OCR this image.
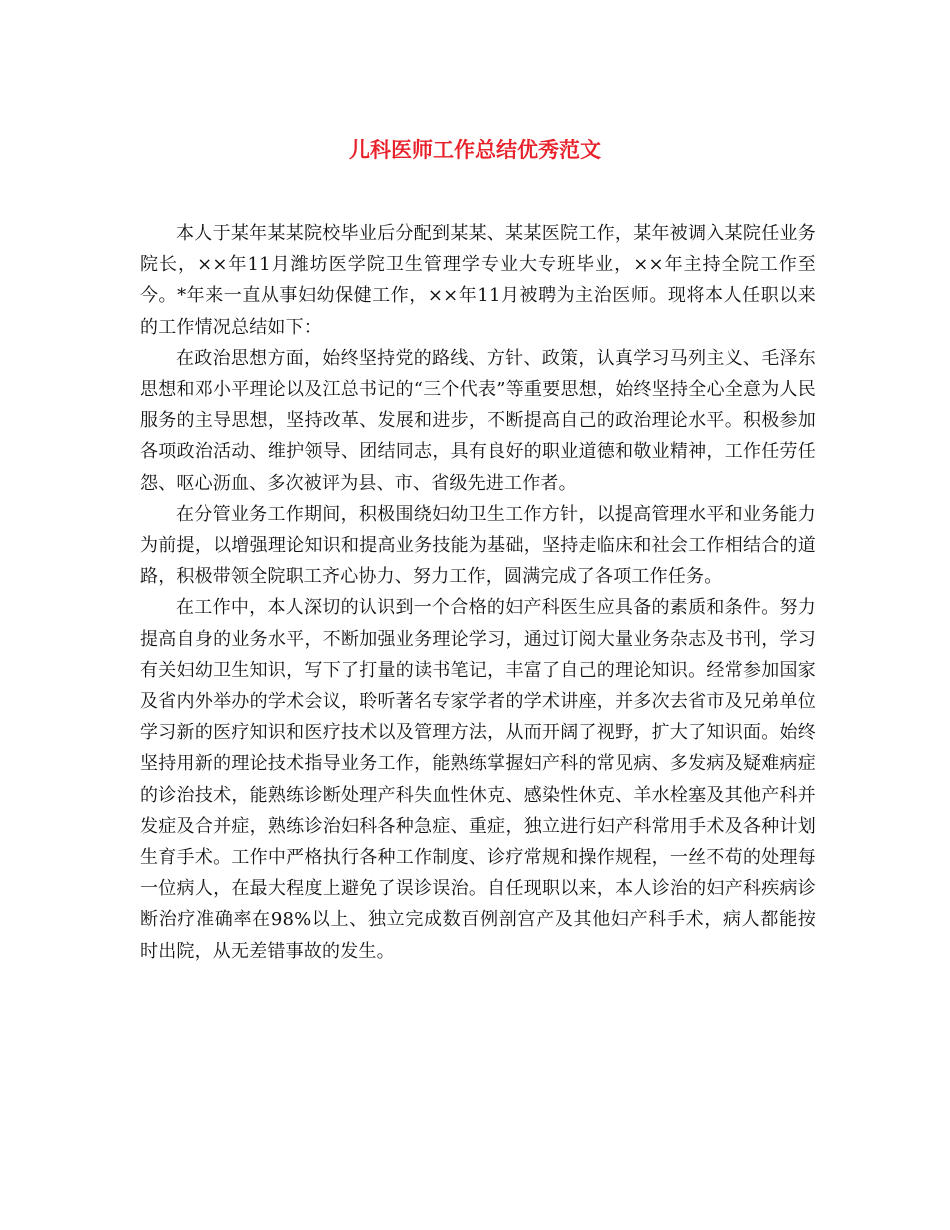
儿科医师工作总结优秀范文

本人于某年某某院校毕业后分配到某某、某某医院工作，某年被调入某院任业务院长，××年11月潍坊医学院卫生管理学专业大专班毕业，××年主持全院工作至今。*年来一直从事妇幼保健工作，××年11月被聘为主治医师。现将本人任职以来的工作情况总结如下：

在政治思想方面，始终坚持党的路线、方针、政策，认真学习马列主义、毛泽东思想和邓小平理论以及江总书记的“三个代表”等重要思想，始终坚持全心全意为人民服务的主导思想，坚持改革、发展和进步，不断提高自己的政治理论水平。积极参加各项政治活动、维护领导、团结同志，具有良好的职业道德和敬业精神，工作任劳任怨、呕心沥血、多次被评为县、市、省级先进工作者。

在分管业务工作期间，积极围绕妇幼卫生工作方针，以提高管理水平和业务能力为前提，以增强理论知识和提高业务技能为基础，坚持走临床和社会工作相结合的道路，积极带领全院职工齐心协力、努力工作，圆满完成了各项工作任务。

在工作中，本人深切的认识到一个合格的妇产科医生应具备的素质和条件。努力提高自身的业务水平，不断加强业务理论学习，通过订阅大量业务杂志及书刊，学习有关妇幼卫生知识，写下了打量的读书笔记，丰富了自己的理论知识。经常参加国家及省内外举办的学术会议，聆听著名专家学者的学术讲座，并多次去省市及兄弟单位学习新的医疗知识和医疗技术以及管理方法，从而开阔了视野，扩大了知识面。始终坚持用新的理论技术指导业务工作，能熟练掌握妇产科的常见病、多发病及疑难病症的诊治技术，能熟练诊断处理产科失血性休克、感染性休克、羊水栓塞及其他产科并发症及合并症，熟练诊治妇科各种急症、重症，独立进行妇产科常用手术及各种计划生育手术。工作中严格执行各种工作制度、诊疗常规和操作规程，一丝不苟的处理每一位病人，在最大程度上避免了误诊误治。自任现职以来，本人诊治的妇产科疾病诊断治疗准确率在98%以上、独立完成数百例剖宫产及其他妇产科手术，病人都能按时出院，从无差错事故的发生。
